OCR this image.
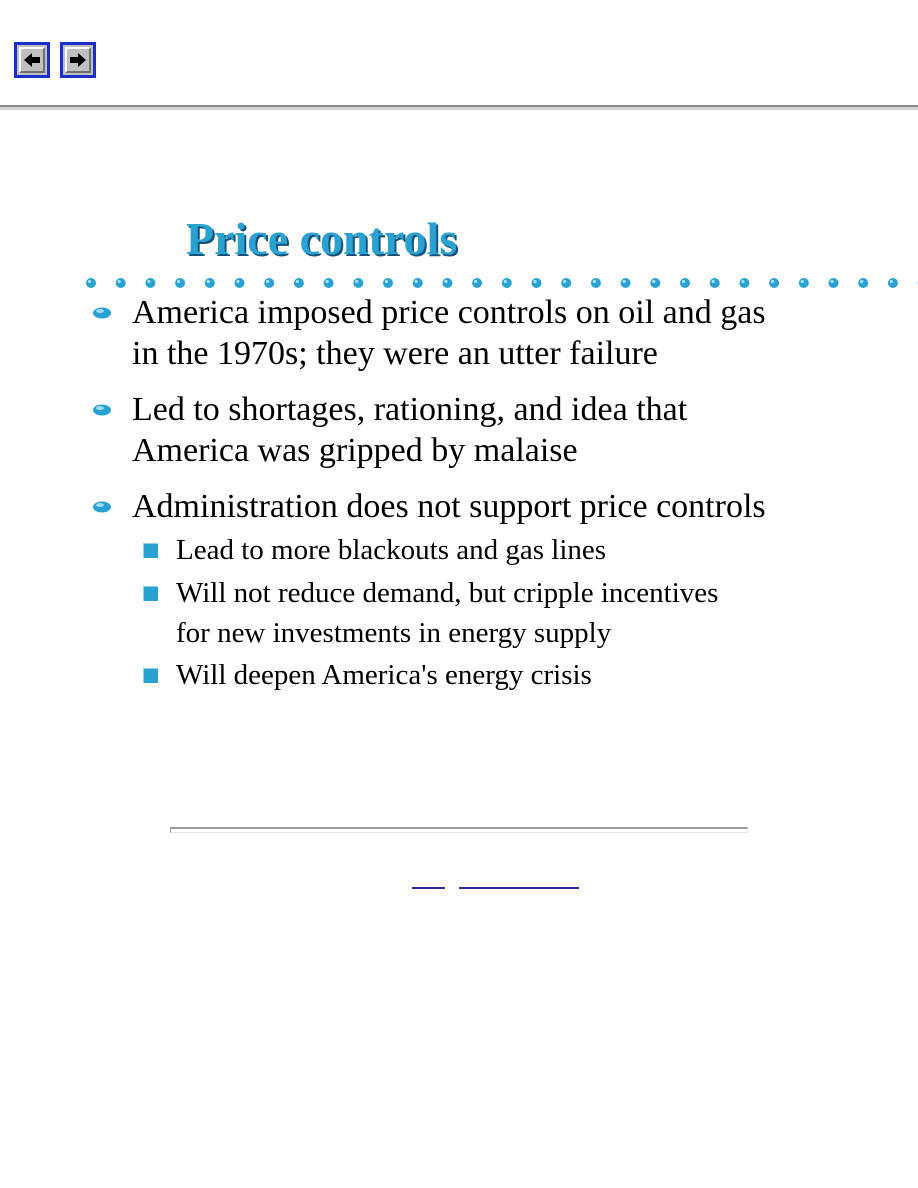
Price controls

America imposed price controls on oil and gas

in the 1970s; they were an utter failure

Led to shortages, rationing, and idea that

America was gripped by malaise

Administration does not support price controls

Lead to more blackouts and gas lines

Will not reduce demand, but cripple incentives

for new investments in energy supply

Will deepen America's energy crisis
